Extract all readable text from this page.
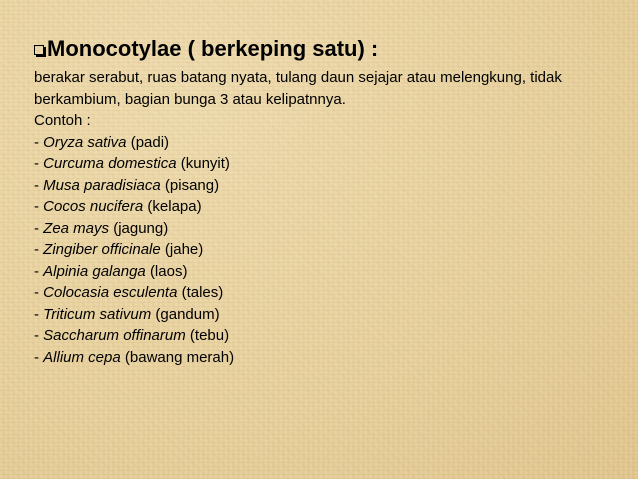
Monocotylae ( berkeping satu) :
berakar serabut, ruas batang nyata, tulang daun sejajar atau melengkung, tidak berkambium, bagian bunga 3 atau kelipatnnya.
Contoh :
- Oryza sativa (padi)
- Curcuma domestica (kunyit)
- Musa paradisiaca (pisang)
- Cocos nucifera (kelapa)
- Zea mays (jagung)
- Zingiber officinale (jahe)
- Alpinia galanga (laos)
- Colocasia esculenta (tales)
- Triticum sativum (gandum)
- Saccharum offinarum (tebu)
- Allium cepa (bawang merah)
